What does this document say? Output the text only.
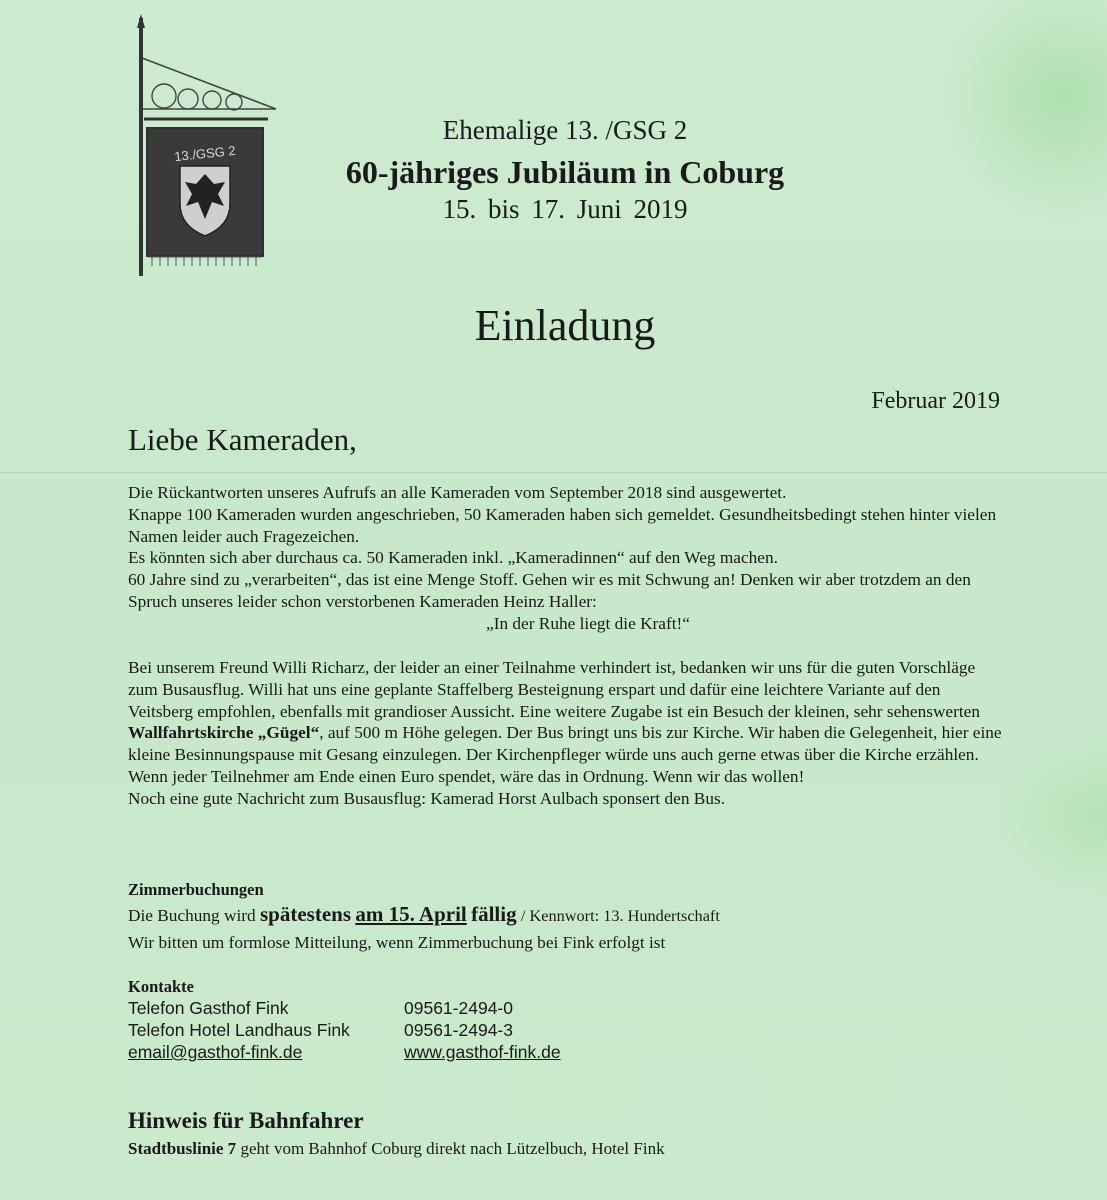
13./GSG 2
Ehemalige 13. /GSG 2
60-jähriges Jubiläum in Coburg
15. bis 17. Juni 2019
Einladung
Februar 2019
Liebe Kameraden,

Die Rückantworten unseres Aufrufs an alle Kameraden vom September 2018 sind ausgewertet.

Knappe 100 Kameraden wurden angeschrieben, 50 Kameraden haben sich gemeldet. Gesundheitsbedingt stehen hinter vielen Namen leider auch Fragezeichen.

Es könnten sich aber durchaus ca. 50 Kameraden inkl. „Kameradinnen“ auf den Weg machen.

60 Jahre sind zu „verarbeiten“, das ist eine Menge Stoff. Gehen wir es mit Schwung an! Denken wir aber trotzdem an den Spruch unseres leider schon verstorbenen Kameraden Heinz Haller:

„In der Ruhe liegt die Kraft!“

Bei unserem Freund Willi Richarz, der leider an einer Teilnahme verhindert ist, bedanken wir uns für die guten Vorschläge zum Busausflug. Willi hat uns eine geplante Staffelberg Besteignung erspart und dafür eine leichtere Variante auf den Veitsberg empfohlen, ebenfalls mit grandioser Aussicht. Eine weitere Zugabe ist ein Besuch der kleinen, sehr sehenswerten Wallfahrtskirche „Gügel“, auf 500 m Höhe gelegen. Der Bus bringt uns bis zur Kirche. Wir haben die Gelegenheit, hier eine kleine Besinnungspause mit Gesang einzulegen. Der Kirchenpfleger würde uns auch gerne etwas über die Kirche erzählen. Wenn jeder Teilnehmer am Ende einen Euro spendet, wäre das in Ordnung. Wenn wir das wollen!

Noch eine gute Nachricht zum Busausflug: Kamerad Horst Aulbach sponsert den Bus.

Zimmerbuchungen
Die Buchung wird spätestens am 15. April fällig / Kennwort: 13. Hundertschaft
Wir bitten um formlose Mitteilung, wenn Zimmerbuchung bei Fink erfolgt ist
Kontakte
Telefon Gasthof Fink	09561-2494-0
Telefon Hotel Landhaus Fink	09561-2494-3
email@gasthof-fink.de	www.gasthof-fink.de
Hinweis für Bahnfahrer
Stadtbuslinie 7 geht vom Bahnhof Coburg direkt nach Lützelbuch, Hotel Fink
